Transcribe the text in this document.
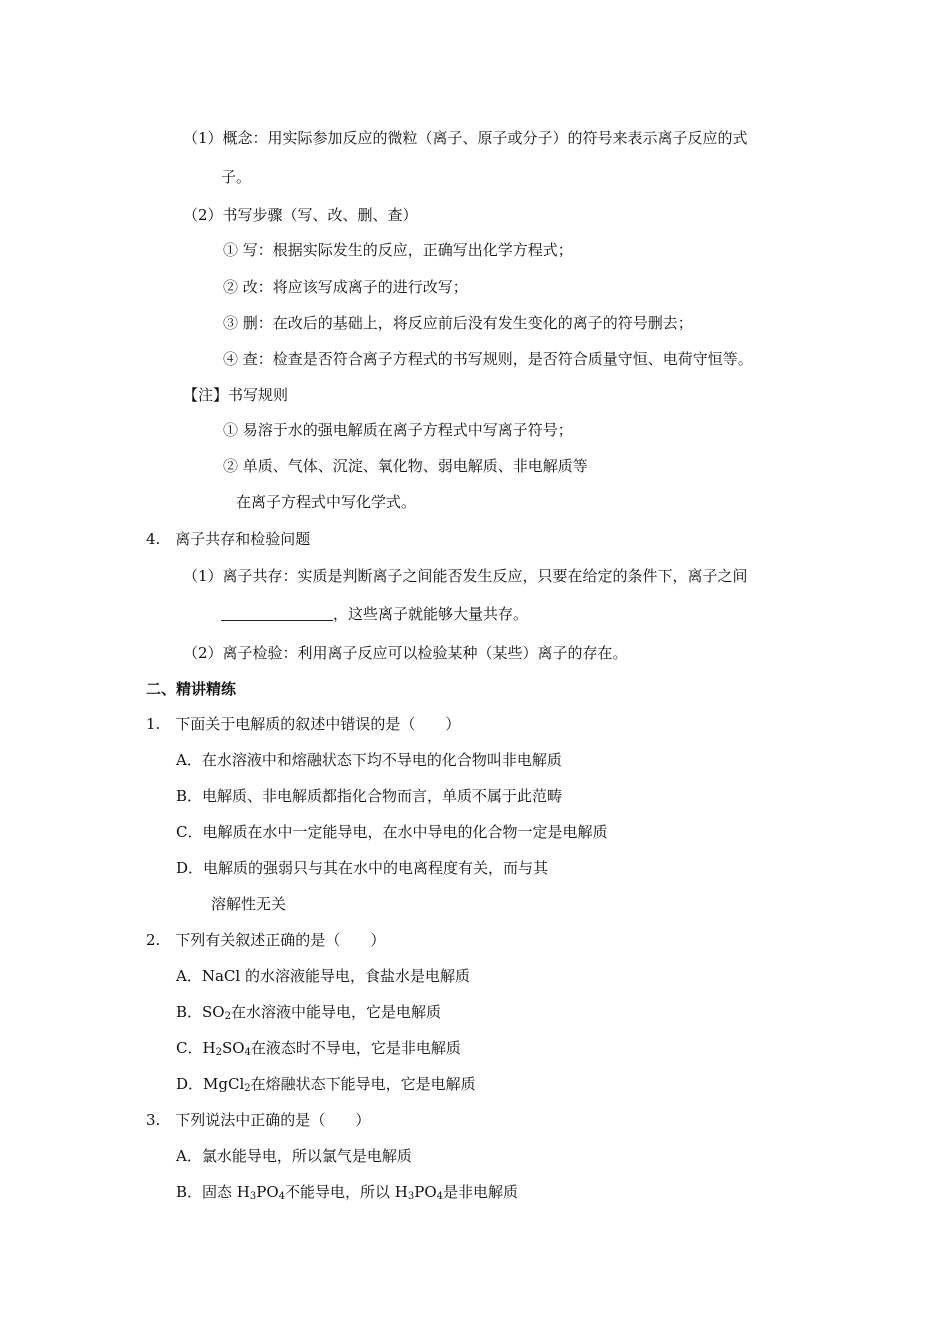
（1）概念：用实际参加反应的微粒（离子、原子或分子）的符号来表示离子反应的式
子。
（2）书写步骤（写、改、删、查）
① 写：根据实际发生的反应，正确写出化学方程式；
② 改：将应该写成离子的进行改写；
③ 删：在改后的基础上，将反应前后没有发生变化的离子的符号删去；
④ 查：检查是否符合离子方程式的书写规则，是否符合质量守恒、电荷守恒等。
【注】书写规则
① 易溶于水的强电解质在离子方程式中写离子符号；
② 单质、气体、沉淀、氧化物、弱电解质、非电解质等
在离子方程式中写化学式。
4.　离子共存和检验问题
（1）离子共存：实质是判断离子之间能否发生反应，只要在给定的条件下，离子之间
，这些离子就能够大量共存。
（2）离子检验：利用离子反应可以检验某种（某些）离子的存在。
二、精讲精练
1.　下面关于电解质的叙述中错误的是（　　）
A．在水溶液中和熔融状态下均不导电的化合物叫非电解质
B．电解质、非电解质都指化合物而言，单质不属于此范畴
C．电解质在水中一定能导电，在水中导电的化合物一定是电解质
D．电解质的强弱只与其在水中的电离程度有关，而与其
溶解性无关
2.　下列有关叙述正确的是（　　）
A．NaCl 的水溶液能导电，食盐水是电解质
B．$SO_2$在水溶液中能导电，它是电解质
C．$H_2SO_4$在液态时不导电，它是非电解质
D．MgCl$_2$在熔融状态下能导电，它是电解质
3.　下列说法中正确的是（　　）
A．氯水能导电，所以氯气是电解质
B．固态 $H_3PO_4$不能导电，所以 $H_3PO_4$是非电解质
